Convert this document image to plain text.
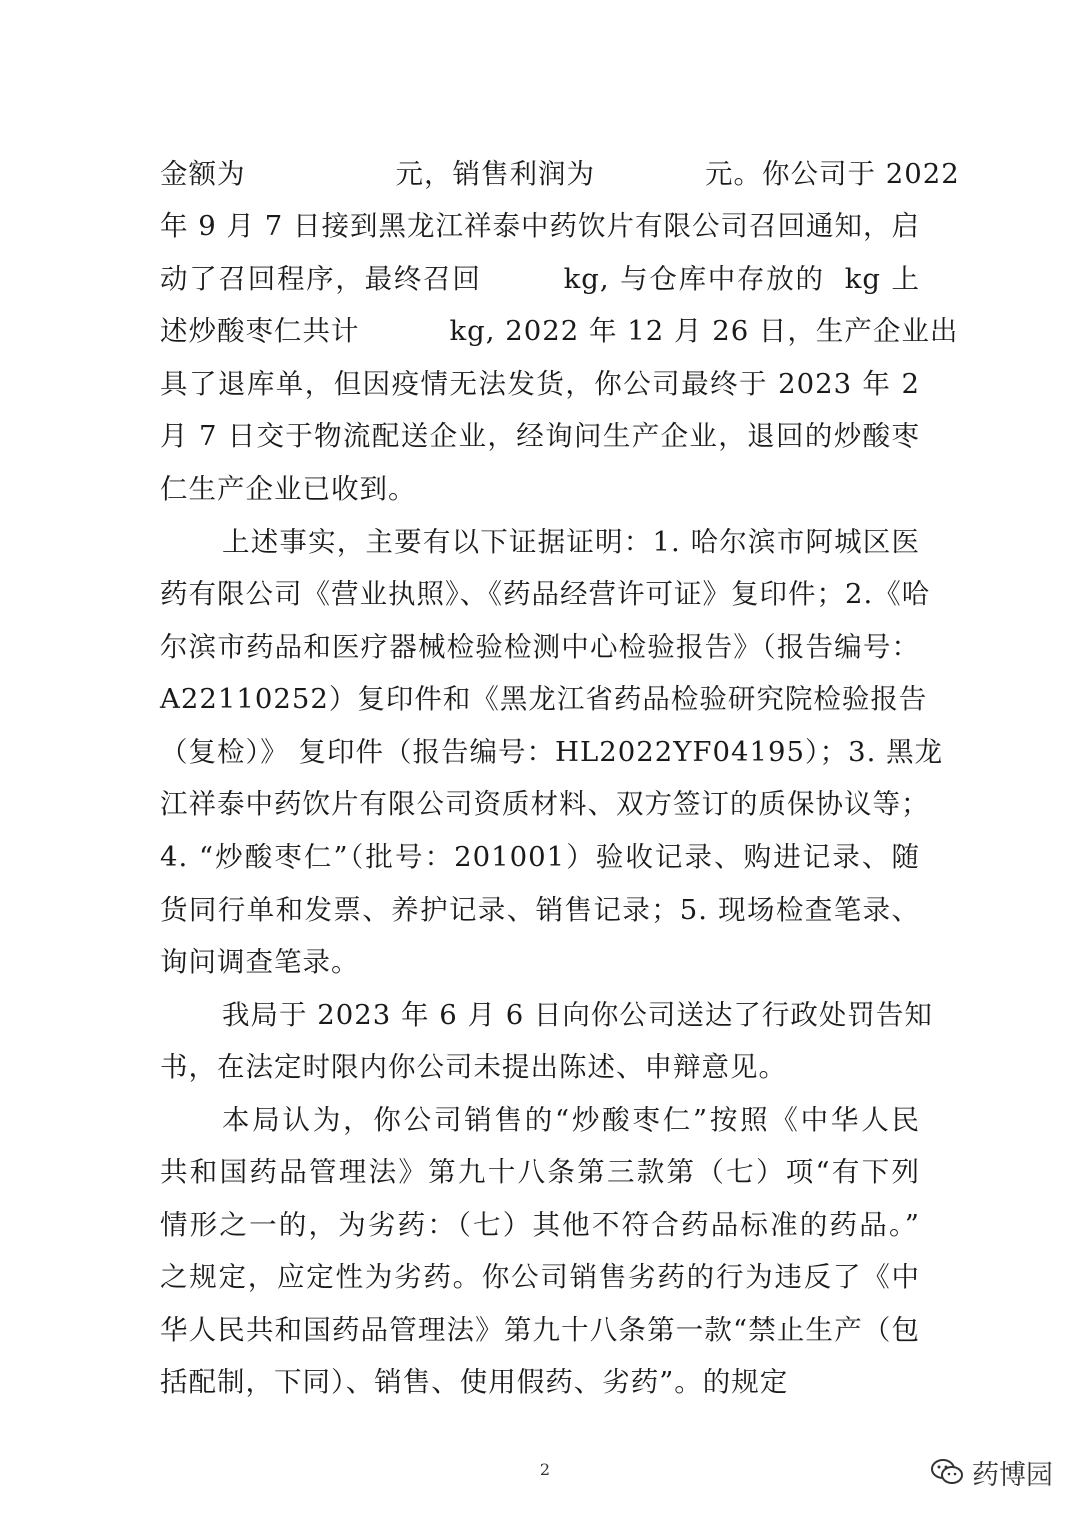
金额为	元，销售利润为	元。你公司于 2022
年 9 月 7 日接到黑龙江祥泰中药饮片有限公司召回通知，启
动了召回程序，最终召回	kg, 与仓库中存放的 kg 上
述炒酸枣仁共计	kg, 2022 年 12 月 26 日，生产企业出
具了退库单，但因疫情无法发货，你公司最终于 2023 年 2
月 7 日交于物流配送企业，经询问生产企业，退回的炒酸枣
仁生产企业已收到。
上述事实，主要有以下证据证明：1. 哈尔滨市阿城区医
药有限公司《营业执照》、《药品经营许可证》复印件；2.《哈
尔滨市药品和医疗器械检验检测中心检验报告》（报告编号：
A22110252）复印件和《黑龙江省药品检验研究院检验报告
（复检）》 复印件（报告编号：HL2022YF04195）；3. 黑龙
江祥泰中药饮片有限公司资质材料、双方签订的质保协议等；
4. “炒酸枣仁”（批号：201001）验收记录、购进记录、随
货同行单和发票、养护记录、销售记录；5. 现场检查笔录、
询问调查笔录。
我局于 2023 年 6 月 6 日向你公司送达了行政处罚告知
书，在法定时限内你公司未提出陈述、申辩意见。
本局认为，你公司销售的“炒酸枣仁”按照《中华人民
共和国药品管理法》第九十八条第三款第（七）项“有下列
情形之一的，为劣药：（七）其他不符合药品标准的药品。”
之规定，应定性为劣药。你公司销售劣药的行为违反了《中
华人民共和国药品管理法》第九十八条第一款“禁止生产（包
括配制，下同）、销售、使用假药、劣药”。的规定
2	药博园
